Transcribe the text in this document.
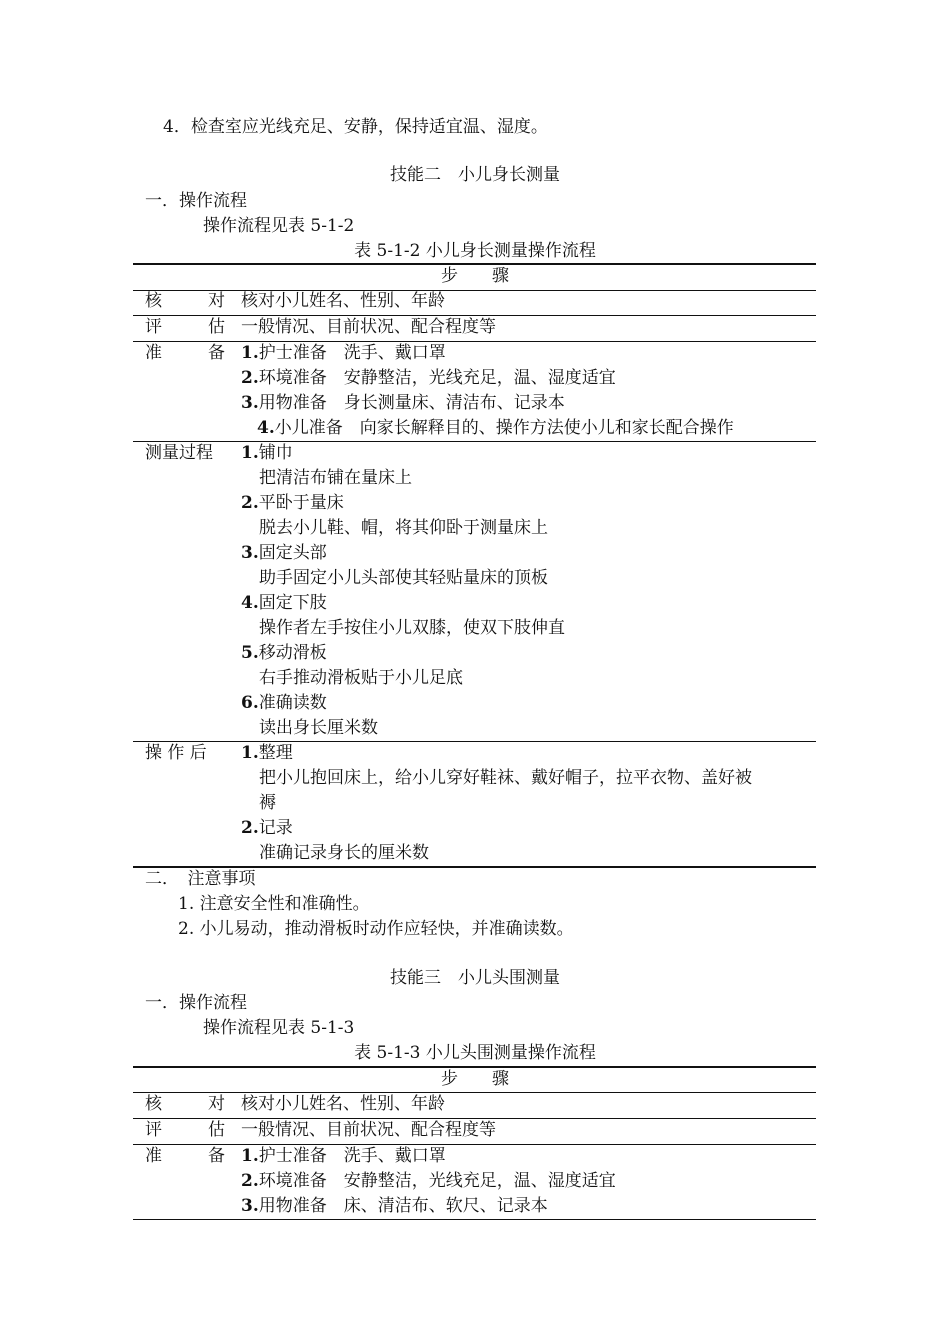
4．检查室应光线充足、安静，保持适宜温、湿度。
技能二　小儿身长测量
一．操作流程
操作流程见表 5-1-2
表 5-1-2 小儿身长测量操作流程
步　　骤
核	对 核对小儿姓名、性别、年龄
评	估 一般情况、目前状况、配合程度等
准	备 1.护士准备　洗手、戴口罩
2.环境准备　安静整洁，光线充足，温、湿度适宜
3.用物准备　身长测量床、清洁布、记录本
4.小儿准备　向家长解释目的、操作方法使小儿和家长配合操作
测量过程 1.铺巾
把清洁布铺在量床上
2.平卧于量床
脱去小儿鞋、帽，将其仰卧于测量床上
3.固定头部
助手固定小儿头部使其轻贴量床的顶板
4.固定下肢
操作者左手按住小儿双膝，使双下肢伸直
5.移动滑板
右手推动滑板贴于小儿足底
6.准确读数
读出身长厘米数
操 作 后 1.整理
把小儿抱回床上，给小儿穿好鞋袜、戴好帽子，拉平衣物、盖好被
褥
2.记录
准确记录身长的厘米数
二．　注意事项
1. 注意安全性和准确性。
2. 小儿易动，推动滑板时动作应轻快，并准确读数。
技能三　小儿头围测量
一．操作流程
操作流程见表 5-1-3
表 5-1-3 小儿头围测量操作流程
步　　骤
核	对 核对小儿姓名、性别、年龄
评	估 一般情况、目前状况、配合程度等
准	备 1.护士准备　洗手、戴口罩
2.环境准备　安静整洁，光线充足，温、湿度适宜
3.用物准备　床、清洁布、软尺、记录本
